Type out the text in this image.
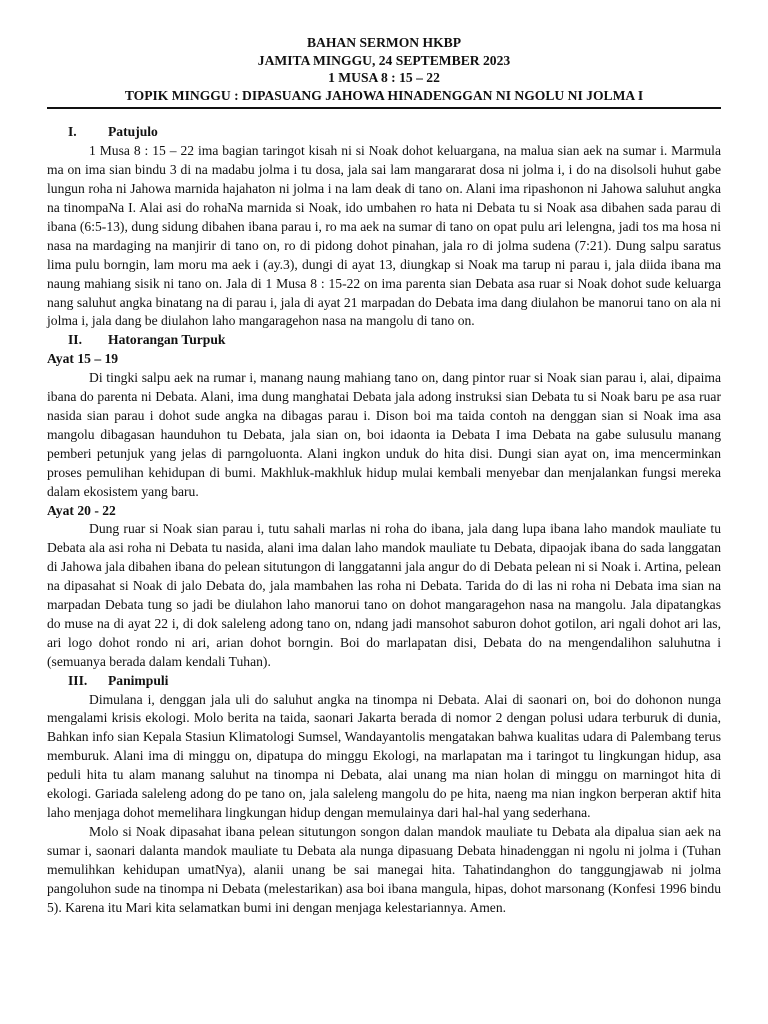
BAHAN SERMON HKBP
JAMITA MINGGU, 24 SEPTEMBER 2023
1 MUSA 8 : 15 – 22
TOPIK MINGGU : DIPASUANG JAHOWA HINADENGGAN NI NGOLU NI JOLMA I
I.	Patujulo

1 Musa 8 : 15 – 22 ima bagian taringot kisah ni si Noak dohot keluargana, na malua sian aek na sumar i. Marmula ma on ima sian bindu 3 di na madabu jolma i tu dosa, jala sai lam mangararat dosa ni jolma i, i do na disolsoli huhut gabe lungun roha ni Jahowa marnida hajahaton ni jolma i na lam deak di tano on. Alani ima ripashonon ni Jahowa saluhut angka na tinompaNa I. Alai asi do rohaNa marnida si Noak, ido umbahen ro hata ni Debata tu si Noak asa dibahen sada parau di ibana (6:5-13), dung sidung dibahen ibana parau i, ro ma aek na sumar di tano on opat pulu ari lelengna, jadi tos ma hosa ni nasa na mardaging na manjirir di tano on, ro di pidong dohot pinahan, jala ro di jolma sudena (7:21). Dung salpu saratus lima pulu borngin, lam moru ma aek i (ay.3), dungi di ayat 13, diungkap si Noak ma tarup ni parau i, jala diida ibana ma naung mahiang sisik ni tano on. Jala di 1 Musa 8 : 15-22 on ima parenta sian Debata asa ruar si Noak dohot sude keluarga nang saluhut angka binatang na di parau i, jala di ayat 21 marpadan do Debata ima dang diulahon be manorui tano on ala ni jolma i, jala dang be diulahon laho mangaragehon nasa na mangolu di tano on.

II.	Hatorangan Turpuk
Ayat 15 – 19

Di tingki salpu aek na rumar i, manang naung mahiang tano on, dang pintor ruar si Noak sian parau i, alai, dipaima ibana do parenta ni Debata. Alani, ima dung manghatai Debata jala adong instruksi sian Debata tu si Noak baru pe asa ruar nasida sian parau i dohot sude angka na dibagas parau i. Dison boi ma taida contoh na denggan sian si Noak ima asa mangolu dibagasan haunduhon tu Debata, jala sian on, boi idaonta ia Debata I ima Debata na gabe sulusulu manang pemberi petunjuk yang jelas di parngoluonta. Alani ingkon unduk do hita disi. Dungi sian ayat on, ima mencerminkan proses pemulihan kehidupan di bumi. Makhluk-makhluk hidup mulai kembali menyebar dan menjalankan fungsi mereka dalam ekosistem yang baru.

Ayat 20 - 22

Dung ruar si Noak sian parau i, tutu sahali marlas ni roha do ibana, jala dang lupa ibana laho mandok mauliate tu Debata ala asi roha ni Debata tu nasida, alani ima dalan laho mandok mauliate tu Debata, dipaojak ibana do sada langgatan di Jahowa jala dibahen ibana do pelean situtungon di langgatanni jala angur do di Debata pelean ni si Noak i. Artina, pelean na dipasahat si Noak di jalo Debata do, jala mambahen las roha ni Debata. Tarida do di las ni roha ni Debata ima sian na marpadan Debata tung so jadi be diulahon laho manorui tano on dohot mangaragehon nasa na mangolu. Jala dipatangkas do muse na di ayat 22 i, di dok saleleng adong tano on, ndang jadi mansohot saburon dohot gotilon, ari ngali dohot ari las, ari logo dohot rondo ni ari, arian dohot borngin. Boi do marlapatan disi, Debata do na mengendalihon saluhutna i (semuanya berada dalam kendali Tuhan).

III.	Panimpuli

Dimulana i, denggan jala uli do saluhut angka na tinompa ni Debata. Alai di saonari on, boi do dohonon nunga mengalami krisis ekologi. Molo berita na taida, saonari Jakarta berada di nomor 2 dengan polusi udara terburuk di dunia, Bahkan info sian Kepala Stasiun Klimatologi Sumsel, Wandayantolis mengatakan bahwa kualitas udara di Palembang terus memburuk. Alani ima di minggu on, dipatupa do minggu Ekologi, na marlapatan ma i taringot tu lingkungan hidup, asa peduli hita tu alam manang saluhut na tinompa ni Debata, alai unang ma nian holan di minggu on marningot hita di ekologi. Gariada saleleng adong do pe tano on, jala saleleng mangolu do pe hita, naeng ma nian ingkon berperan aktif hita laho menjaga dohot memelihara lingkungan hidup dengan memulainya dari hal-hal yang sederhana.

Molo si Noak dipasahat ibana pelean situtungon songon dalan mandok mauliate tu Debata ala dipalua sian aek na sumar i, saonari dalanta mandok mauliate tu Debata ala nunga dipasuang Debata hinadenggan ni ngolu ni jolma i (Tuhan memulihkan kehidupan umatNya), alanii unang be sai manegai hita. Tahatindanghon do tanggungjawab ni jolma pangoluhon sude na tinompa ni Debata (melestarikan) asa boi ibana mangula, hipas, dohot marsonang (Konfesi 1996 bindu 5). Karena itu Mari kita selamatkan bumi ini dengan menjaga kelestariannya. Amen.
